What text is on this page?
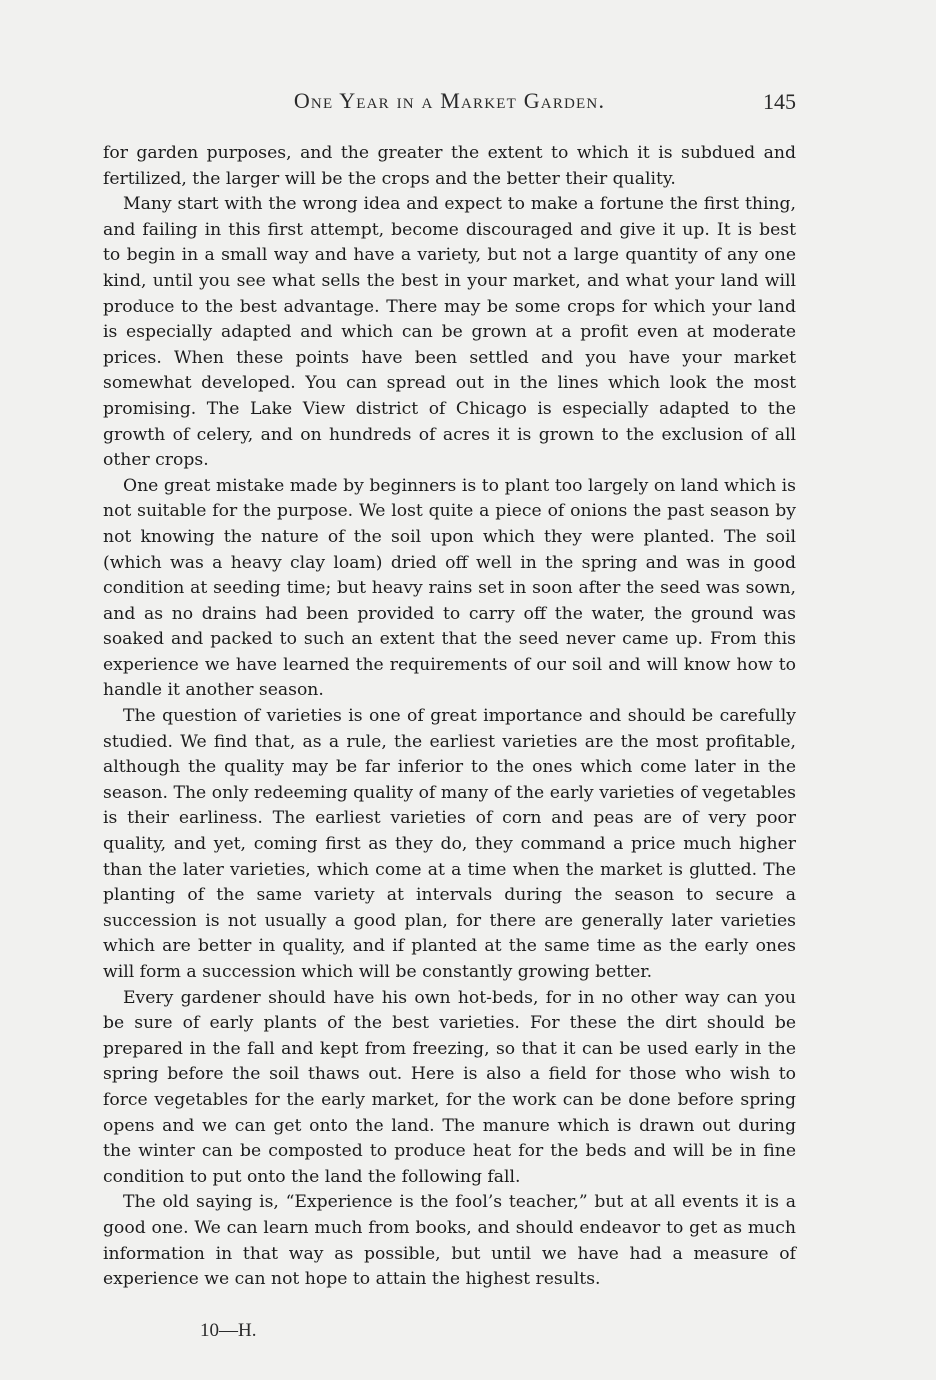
One Year in a Market Garden.	145

for garden purposes, and the greater the extent to which it is subdued and fertilized, the larger will be the crops and the better their quality.

Many start with the wrong idea and expect to make a fortune the first thing, and failing in this first attempt, become discouraged and give it up. It is best to begin in a small way and have a variety, but not a large quantity of any one kind, until you see what sells the best in your market, and what your land will produce to the best advantage. There may be some crops for which your land is especially adapted and which can be grown at a profit even at moderate prices. When these points have been settled and you have your market somewhat developed. You can spread out in the lines which look the most promising. The Lake View district of Chicago is especially adapted to the growth of celery, and on hundreds of acres it is grown to the exclusion of all other crops.

One great mistake made by beginners is to plant too largely on land which is not suitable for the purpose. We lost quite a piece of onions the past season by not knowing the nature of the soil upon which they were planted. The soil (which was a heavy clay loam) dried off well in the spring and was in good condition at seeding time; but heavy rains set in soon after the seed was sown, and as no drains had been provided to carry off the water, the ground was soaked and packed to such an extent that the seed never came up. From this experience we have learned the requirements of our soil and will know how to handle it another season.

The question of varieties is one of great importance and should be carefully studied. We find that, as a rule, the earliest varieties are the most profitable, although the quality may be far inferior to the ones which come later in the season. The only redeeming quality of many of the early varieties of vegetables is their earliness. The earliest varieties of corn and peas are of very poor quality, and yet, coming first as they do, they command a price much higher than the later varieties, which come at a time when the market is glutted. The planting of the same variety at intervals during the season to secure a succession is not usually a good plan, for there are generally later varieties which are better in quality, and if planted at the same time as the early ones will form a succession which will be constantly growing better.

Every gardener should have his own hot-beds, for in no other way can you be sure of early plants of the best varieties. For these the dirt should be prepared in the fall and kept from freezing, so that it can be used early in the spring before the soil thaws out. Here is also a field for those who wish to force vegetables for the early market, for the work can be done before spring opens and we can get onto the land. The manure which is drawn out during the winter can be composted to produce heat for the beds and will be in fine condition to put onto the land the following fall.

The old saying is, “Experience is the fool’s teacher,” but at all events it is a good one. We can learn much from books, and should endeavor to get as much information in that way as possible, but until we have had a measure of experience we can not hope to attain the highest results.

10—H.
